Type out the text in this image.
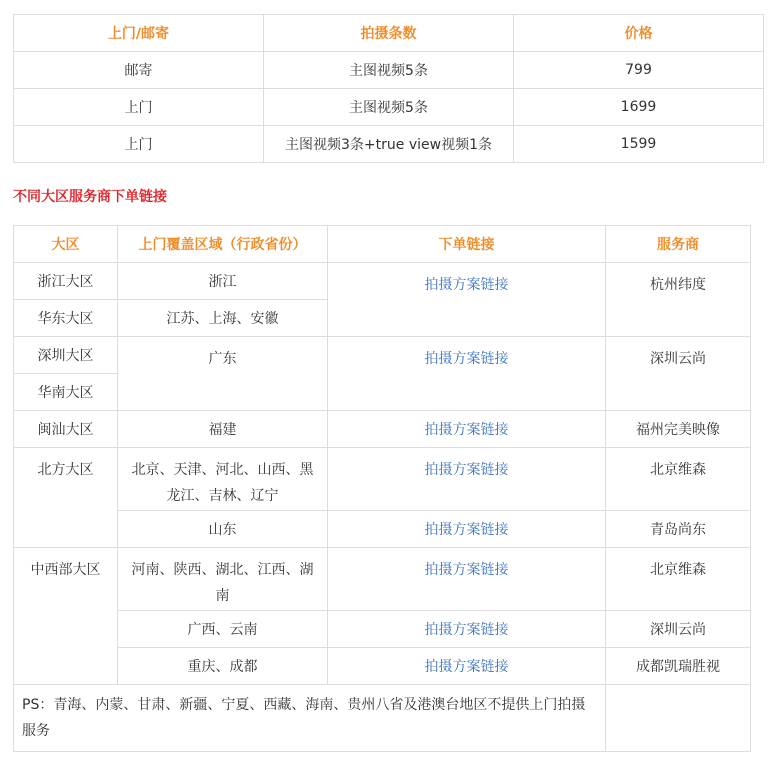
上门/邮寄	拍摄条数	价格
邮寄	主图视频5条	799
上门	主图视频5条	1699
上门	主图视频3条+true view视频1条	1599
不同大区服务商下单链接
大区	上门覆盖区域（行政省份）	下单链接	服务商
浙江大区	浙江	拍摄方案链接	杭州纬度
华东大区	江苏、上海、安徽		
深圳大区	广东	拍摄方案链接	深圳云尚
华南大区			
闽汕大区	福建	拍摄方案链接	福州完美映像
北方大区	北京、天津、河北、山西、黑龙江、吉林、辽宁	拍摄方案链接	北京维森
	山东	拍摄方案链接	青岛尚东
中西部大区	河南、陕西、湖北、江西、湖南	拍摄方案链接	北京维森
	广西、云南	拍摄方案链接	深圳云尚
	重庆、成都	拍摄方案链接	成都凯瑞胜视
PS：青海、内蒙、甘肃、新疆、宁夏、西藏、海南、贵州八省及港澳台地区不提供上门拍摄服务			
